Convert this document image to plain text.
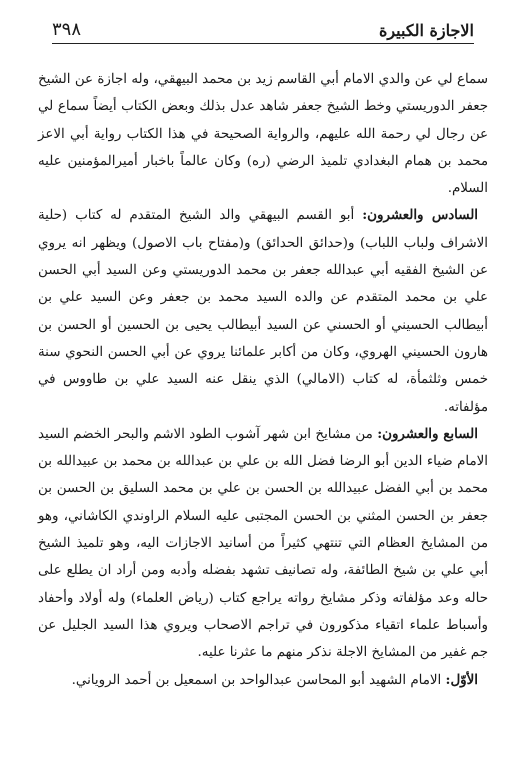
٣٩٨	الاجازة الكبيرة

سماع لي عن والدي الامام أبي القاسم زيد بن محمد البيهقي، وله اجازة عن الشيخ جعفر الدوريستي وخط الشيخ جعفر شاهد عدل بذلك وبعض الكتاب أيضاً سماع لي عن رجال لي رحمة الله عليهم، والرواية الصحيحة في هذا الكتاب رواية أبي الاعز محمد بن همام البغدادي تلميذ الرضي (ره) وكان عالماً باخبار أميرالمؤمنين عليه السلام.

السادس والعشرون: أبو القسم البيهقي والد الشيخ المتقدم له كتاب (حلية الاشراف ولباب اللباب) و(حدائق الحدائق) و(مفتاح باب الاصول) ويظهر انه يروي عن الشيخ الفقيه أبي عبدالله جعفر بن محمد الدوريستي وعن السيد أبي الحسن علي بن محمد المتقدم عن والده السيد محمد بن جعفر وعن السيد علي بن أبيطالب الحسيني أو الحسني عن السيد أبيطالب يحيى بن الحسين أو الحسن بن هارون الحسيني الهروي، وكان من أكابر علمائنا يروي عن أبي الحسن النحوي سنة خمس وثلثمأة، له كتاب (الامالي) الذي ينقل عنه السيد علي بن طاووس في مؤلفاته.

السابع والعشرون: من مشايخ ابن شهر آشوب الطود الاشم والبحر الخضم السيد الامام ضياء الدين أبو الرضا فضل الله بن علي بن عبدالله بن محمد بن عبيدالله بن محمد بن أبي الفضل عبيدالله بن الحسن بن علي بن محمد السليق بن الحسن بن جعفر بن الحسن المثني بن الحسن المجتبى عليه السلام الراوندي الكاشاني، وهو من المشايخ العظام التي تنتهي كثيراً من أسانيد الاجازات اليه، وهو تلميذ الشيخ أبي علي بن شيخ الطائفة، وله تصانيف تشهد بفضله وأدبه ومن أراد ان يطلع على حاله وعد مؤلفاته وذكر مشايخ رواته يراجع كتاب (رياض العلماء) وله أولاد وأحفاد وأسباط علماء اتقياء مذكورون في تراجم الاصحاب ويروي هذا السيد الجليل عن جم غفير من المشايخ الاجلة نذكر منهم ما عثرنا عليه.

الأوّل: الامام الشهيد أبو المحاسن عبدالواحد بن اسمعيل بن أحمد الروياني.
